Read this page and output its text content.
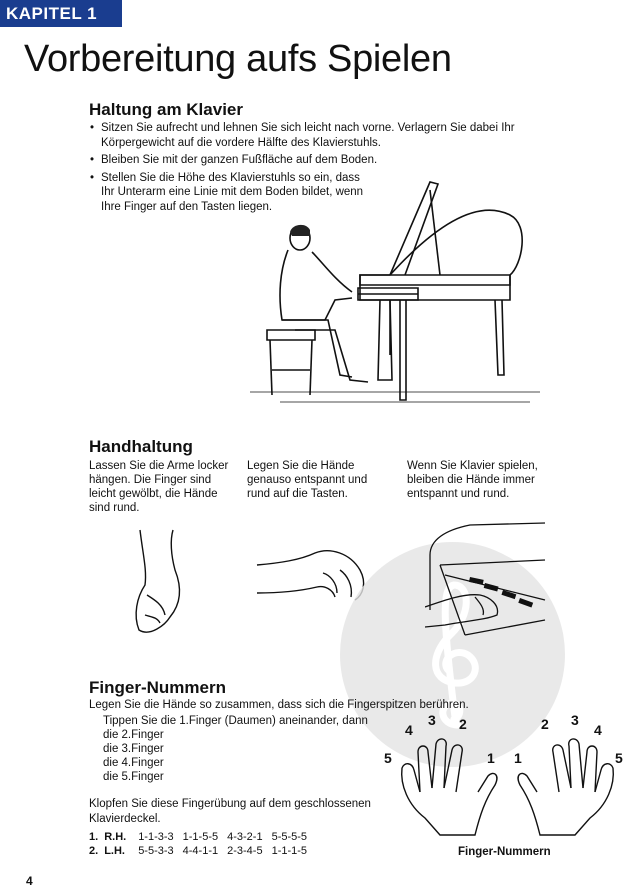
KAPITEL 1
Vorbereitung aufs Spielen
Haltung am Klavier
• Sitzen Sie aufrecht und lehnen Sie sich leicht nach vorne. Verlagern Sie dabei Ihr Körpergewicht auf die vordere Hälfte des Klavierstuhls.
• Bleiben Sie mit der ganzen Fußfläche auf dem Boden.
• Stellen Sie die Höhe des Klavierstuhls so ein, dass Ihr Unterarm eine Linie mit dem Boden bildet, wenn Ihre Finger auf den Tasten liegen.
Handhaltung
Lassen Sie die Arme locker hängen. Die Finger sind leicht gewölbt, die Hände sind rund.
Legen Sie die Hände genauso entspannt und rund auf die Tasten.
Wenn Sie Klavier spielen, bleiben die Hände immer entspannt und rund.
Finger-Nummern
Legen Sie die Hände so zusammen, dass sich die Fingerspitzen berühren.
Tippen Sie die 1.Finger (Daumen) aneinander, dann
die 2.Finger
die 3.Finger
die 4.Finger
die 5.Finger
Klopfen Sie diese Fingerübung auf dem geschlossenen
Klavierdeckel.
1.	R.H.	1-1-3-3	1-1-5-5	4-3-2-1	5-5-5-5
2.	L.H.	5-5-3-3	4-4-1-1	2-3-4-5	1-1-1-5
5
4
3 2
1 1
2 3
4
5
Finger-Nummern
4
